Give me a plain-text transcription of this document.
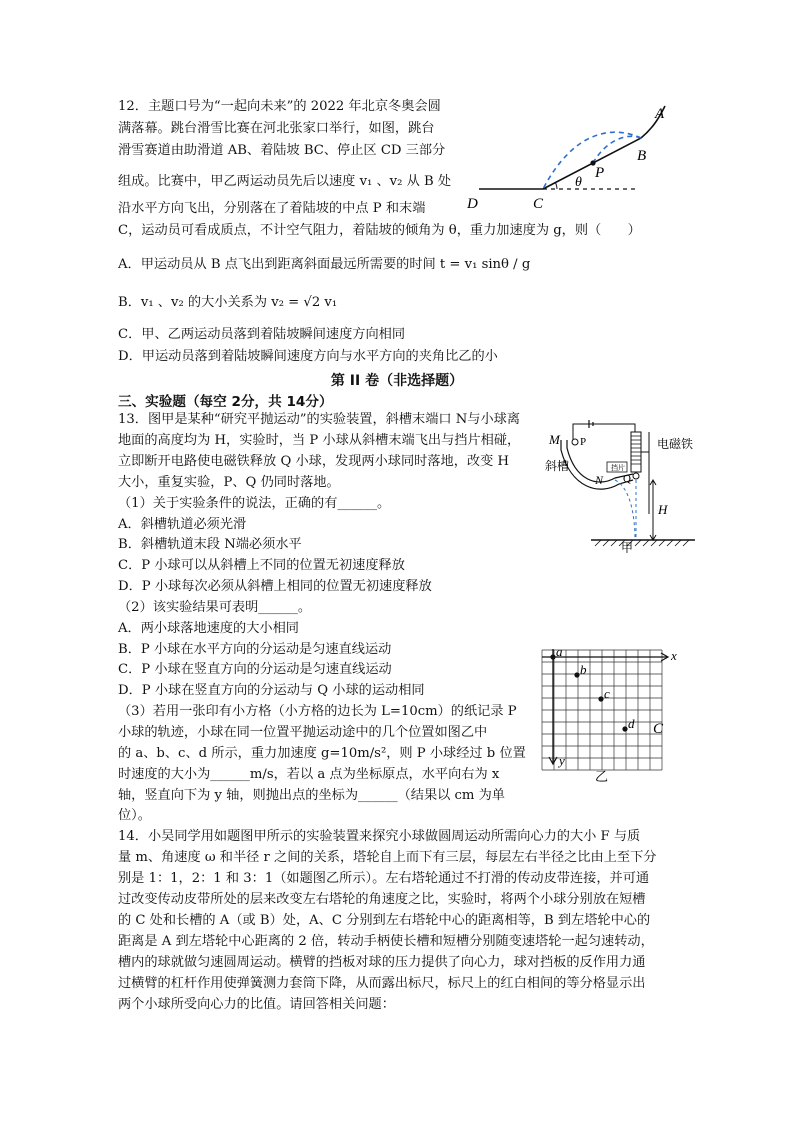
12．主题口号为“一起向未来”的 2022 年北京冬奥会圆
满落幕。跳台滑雪比赛在河北张家口举行，如图，跳台
滑雪赛道由助滑道 AB、着陆坡 BC、停止区 CD 三部分
组成。比赛中，甲乙两运动员先后以速度 v₁ 、v₂ 从 B 处
沿水平方向飞出，分别落在了着陆坡的中点 P 和末端
C，运动员可看成质点，不计空气阻力，着陆坡的倾角为 θ，重力加速度为 g，则（　　）
A．甲运动员从 B 点飞出到距离斜面最远所需要的时间 t = v₁ sinθ / g
B．v₁ 、v₂ 的大小关系为 v₂ = √2 v₁
C．甲、乙两运动员落到着陆坡瞬间速度方向相同
D．甲运动员落到着陆坡瞬间速度方向与水平方向的夹角比乙的小
A
B
P
θ
D	C
第 II 卷（非选择题）
三、实验题（每空 2分，共 14分）
13．图甲是某种“研究平抛运动”的实验装置，斜槽末端口 N与小球离
地面的高度均为 H，实验时，当 P 小球从斜槽末端飞出与挡片相碰，
立即断开电路使电磁铁释放 Q 小球，发现两小球同时落地，改变 H
大小，重复实验，P、Q 仍同时落地。
（1）关于实验条件的说法，正确的有______。
A．斜槽轨道必须光滑
B．斜槽轨道末段 N端必须水平
C．P 小球可以从斜槽上不同的位置无初速度释放
D．P 小球每次必须从斜槽上相同的位置无初速度释放
（2）该实验结果可表明______。
A．两小球落地速度的大小相同
B．P 小球在水平方向的分运动是匀速直线运动
C．P 小球在竖直方向的分运动是匀速直线运动
D．P 小球在竖直方向的分运动与 Q 小球的运动相同
（3）若用一张印有小方格（小方格的边长为 L=10cm）的纸记录 P
小球的轨迹，小球在同一位置平抛运动途中的几个位置如图乙中
的 a、b、c、d 所示，重力加速度 g=10m/s²，则 P 小球经过 b 位置
时速度的大小为______m/s，若以 a 点为坐标原点，水平向右为 x
轴，竖直向下为 y 轴，则抛出点的坐标为______（结果以 cm 为单
位）。
M P
Q
N
H
斜槽
电磁铁
挡片
甲
a
b
c
d
x
y
C
乙
14．小吴同学用如题图甲所示的实验装置来探究小球做圆周运动所需向心力的大小 F 与质
量 m、角速度 ω 和半径 r 之间的关系，塔轮自上而下有三层，每层左右半径之比由上至下分
别是 1：1，2：1 和 3：1（如题图乙所示）。左右塔轮通过不打滑的传动皮带连接，并可通
过改变传动皮带所处的层来改变左右塔轮的角速度之比，实验时，将两个小球分别放在短槽
的 C 处和长槽的 A（或 B）处，A、C 分别到左右塔轮中心的距离相等，B 到左塔轮中心的
距离是 A 到左塔轮中心距离的 2 倍，转动手柄使长槽和短槽分别随变速塔轮一起匀速转动，
槽内的球就做匀速圆周运动。横臂的挡板对球的压力提供了向心力，球对挡板的反作用力通
过横臂的杠杆作用使弹簧测力套筒下降，从而露出标尺，标尺上的红白相间的等分格显示出
两个小球所受向心力的比值。请回答相关问题：
